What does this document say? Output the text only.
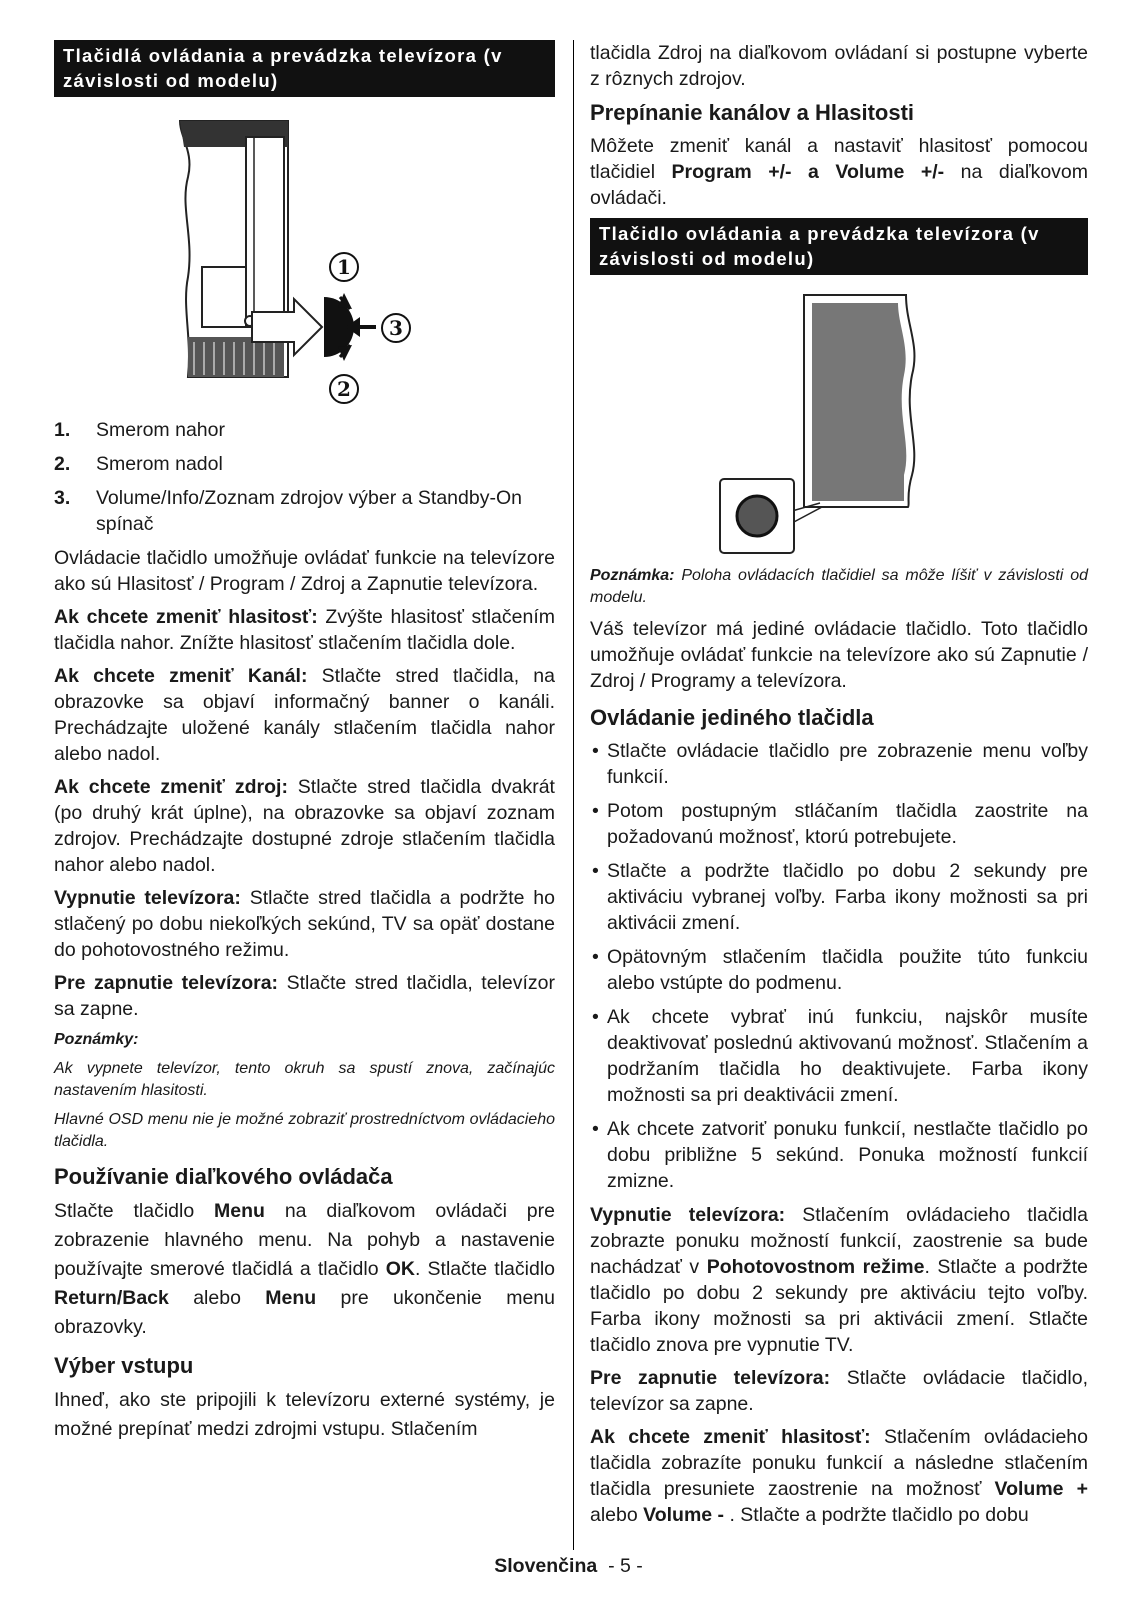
Tlačidlá ovládania a prevádzka televízora (v závislosti od modelu)
1
3
2
1. Smerom nahor
2. Smerom nadol
3. Volume/Info/Zoznam zdrojov výber a Standby-On spínač

Ovládacie tlačidlo umožňuje ovládať funkcie na televízore ako sú Hlasitosť / Program / Zdroj a Zapnutie televízora.

Ak chcete zmeniť hlasitosť: Zvýšte hlasitosť stlačením tlačidla nahor. Znížte hlasitosť stlačením tlačidla dole.

Ak chcete zmeniť Kanál: Stlačte stred tlačidla, na obrazovke sa objaví informačný banner o kanáli. Prechádzajte uložené kanály stlačením tlačidla nahor alebo nadol.

Ak chcete zmeniť zdroj: Stlačte stred tlačidla dvakrát (po druhý krát úplne), na obrazovke sa objaví zoznam zdrojov. Prechádzajte dostupné zdroje stlačením tlačidla nahor alebo nadol.

Vypnutie televízora: Stlačte stred tlačidla a podržte ho stlačený po dobu niekoľkých sekúnd, TV sa opäť dostane do pohotovostného režimu.

Pre zapnutie televízora: Stlačte stred tlačidla, televízor sa zapne.

Poznámky:
Ak vypnete televízor, tento okruh sa spustí znova, začínajúc nastavením hlasitosti.
Hlavné OSD menu nie je možné zobraziť prostredníctvom ovládacieho tlačidla.
Používanie diaľkového ovládača

Stlačte tlačidlo Menu na diaľkovom ovládači pre zobrazenie hlavného menu. Na pohyb a nastavenie používajte smerové tlačidlá a tlačidlo OK. Stlačte tlačidlo Return/Back alebo Menu pre ukončenie menu obrazovky.

Výber vstupu

Ihneď, ako ste pripojili k televízoru externé systémy, je možné prepínať medzi zdrojmi vstupu. Stlačením

tlačidla Zdroj na diaľkovom ovládaní si postupne vyberte z rôznych zdrojov.

Prepínanie kanálov a Hlasitosti

Môžete zmeniť kanál a nastaviť hlasitosť pomocou tlačidiel Program +/- a Volume +/- na diaľkovom ovládači.

Tlačidlo ovládania a prevádzka televízora (v závislosti od modelu)
Poznámka: Poloha ovládacích tlačidiel sa môže líšiť v závislosti od modelu.

Váš televízor má jediné ovládacie tlačidlo. Toto tlačidlo umožňuje ovládať funkcie na televízore ako sú Zapnutie / Zdroj / Programy a televízora.

Ovládanie jediného tlačidla
• Stlačte ovládacie tlačidlo pre zobrazenie menu voľby funkcií.
• Potom postupným stláčaním tlačidla zaostrite na požadovanú možnosť, ktorú potrebujete.
• Stlačte a podržte tlačidlo po dobu 2 sekundy pre aktiváciu vybranej voľby. Farba ikony možnosti sa pri aktivácii zmení.
• Opätovným stlačením tlačidla použite túto funkciu alebo vstúpte do podmenu.
• Ak chcete vybrať inú funkciu, najskôr musíte deaktivovať poslednú aktivovanú možnosť. Stlačením a podržaním tlačidla ho deaktivujete. Farba ikony možnosti sa pri deaktivácii zmení.
• Ak chcete zatvoriť ponuku funkcií, nestlačte tlačidlo po dobu približne 5 sekúnd. Ponuka možností funkcií zmizne.

Vypnutie televízora: Stlačením ovládacieho tlačidla zobrazte ponuku možností funkcií, zaostrenie sa bude nachádzať v Pohotovostnom režime. Stlačte a podržte tlačidlo po dobu 2 sekundy pre aktiváciu tejto voľby. Farba ikony možnosti sa pri aktivácii zmení. Stlačte tlačidlo znova pre vypnutie TV.

Pre zapnutie televízora: Stlačte ovládacie tlačidlo, televízor sa zapne.

Ak chcete zmeniť hlasitosť: Stlačením ovládacieho tlačidla zobrazíte ponuku funkcií a následne stlačením tlačidla presuniete zaostrenie na možnosť Volume + alebo Volume - . Stlačte a podržte tlačidlo po dobu

Slovenčina - 5 -
